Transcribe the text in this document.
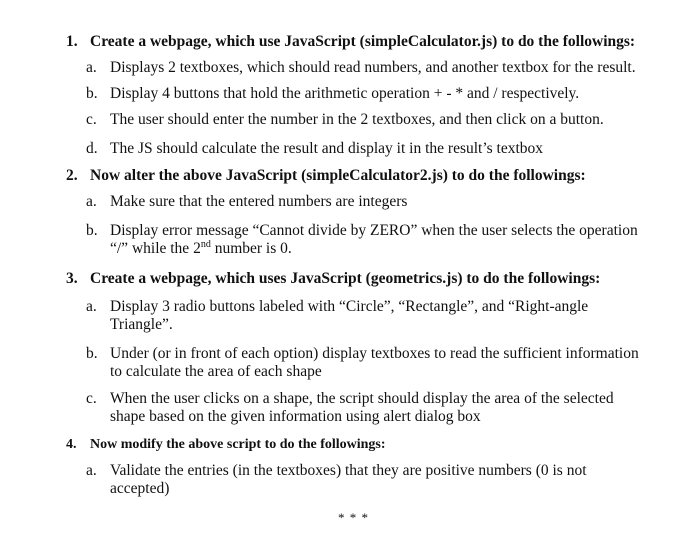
1. Create a webpage, which use JavaScript (simpleCalculator.js) to do the followings:
a. Displays 2 textboxes, which should read numbers, and another textbox for the result.
b. Display 4 buttons that hold the arithmetic operation + - * and / respectively.
c. The user should enter the number in the 2 textboxes, and then click on a button.
d. The JS should calculate the result and display it in the result’s textbox
2. Now alter the above JavaScript (simpleCalculator2.js) to do the followings:
a. Make sure that the entered numbers are integers
b. Display error message “Cannot divide by ZERO” when the user selects the operation
“/” while the 2nd number is 0.
3. Create a webpage, which uses JavaScript (geometrics.js) to do the followings:
a. Display 3 radio buttons labeled with “Circle”, “Rectangle”, and “Right-angle
Triangle”.
b. Under (or in front of each option) display textboxes to read the sufficient information
to calculate the area of each shape
c. When the user clicks on a shape, the script should display the area of the selected
shape based on the given information using alert dialog box
4. Now modify the above script to do the followings:
a. Validate the entries (in the textboxes) that they are positive numbers (0 is not
accepted)
* * *
